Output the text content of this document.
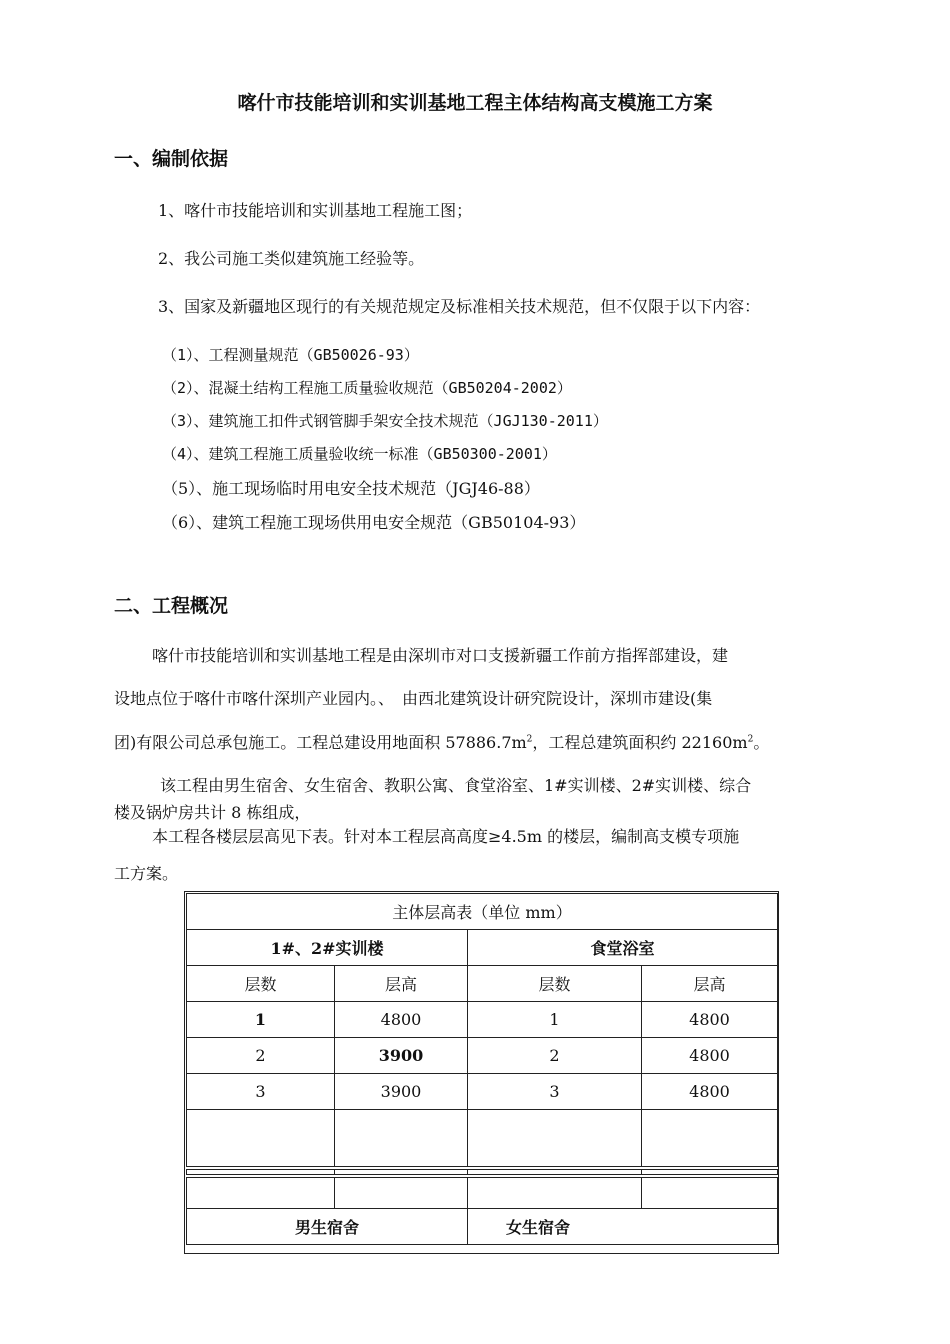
喀什市技能培训和实训基地工程主体结构高支模施工方案
一、编制依据
1、喀什市技能培训和实训基地工程施工图；
2、我公司施工类似建筑施工经验等。
3、国家及新疆地区现行的有关规范规定及标准相关技术规范，但不仅限于以下内容：
（1）、工程测量规范（GB50026-93）
（2）、混凝土结构工程施工质量验收规范（GB50204-2002）
（3）、建筑施工扣件式钢管脚手架安全技术规范（JGJ130-2011）
（4）、建筑工程施工质量验收统一标准（GB50300-2001）
（5）、施工现场临时用电安全技术规范（JGJ46-88）
（6）、建筑工程施工现场供用电安全规范（GB50104-93）
二、工程概况
喀什市技能培训和实训基地工程是由深圳市对口支援新疆工作前方指挥部建设，建
设地点位于喀什市喀什深圳产业园内。、　由西北建筑设计研究院设计，深圳市建设(集
团)有限公司总承包施工。工程总建设用地面积 $57886.7m^2$，工程总建筑面积约 $22160m^2$。
该工程由男生宿舍、女生宿舍、教职公寓、食堂浴室、1#实训楼、2#实训楼、综合
楼及锅炉房共计 8 栋组成，
本工程各楼层层高见下表。针对本工程层高高度≥4.5m 的楼层，编制高支模专项施
工方案。
主体层高表（单位 mm）			
1#、2#实训楼		食堂浴室	
层数	层高	层数	层高
1	4800	1	4800
2	3900	2	4800
3	3900	3	4800

男生宿舍		女生宿舍	
